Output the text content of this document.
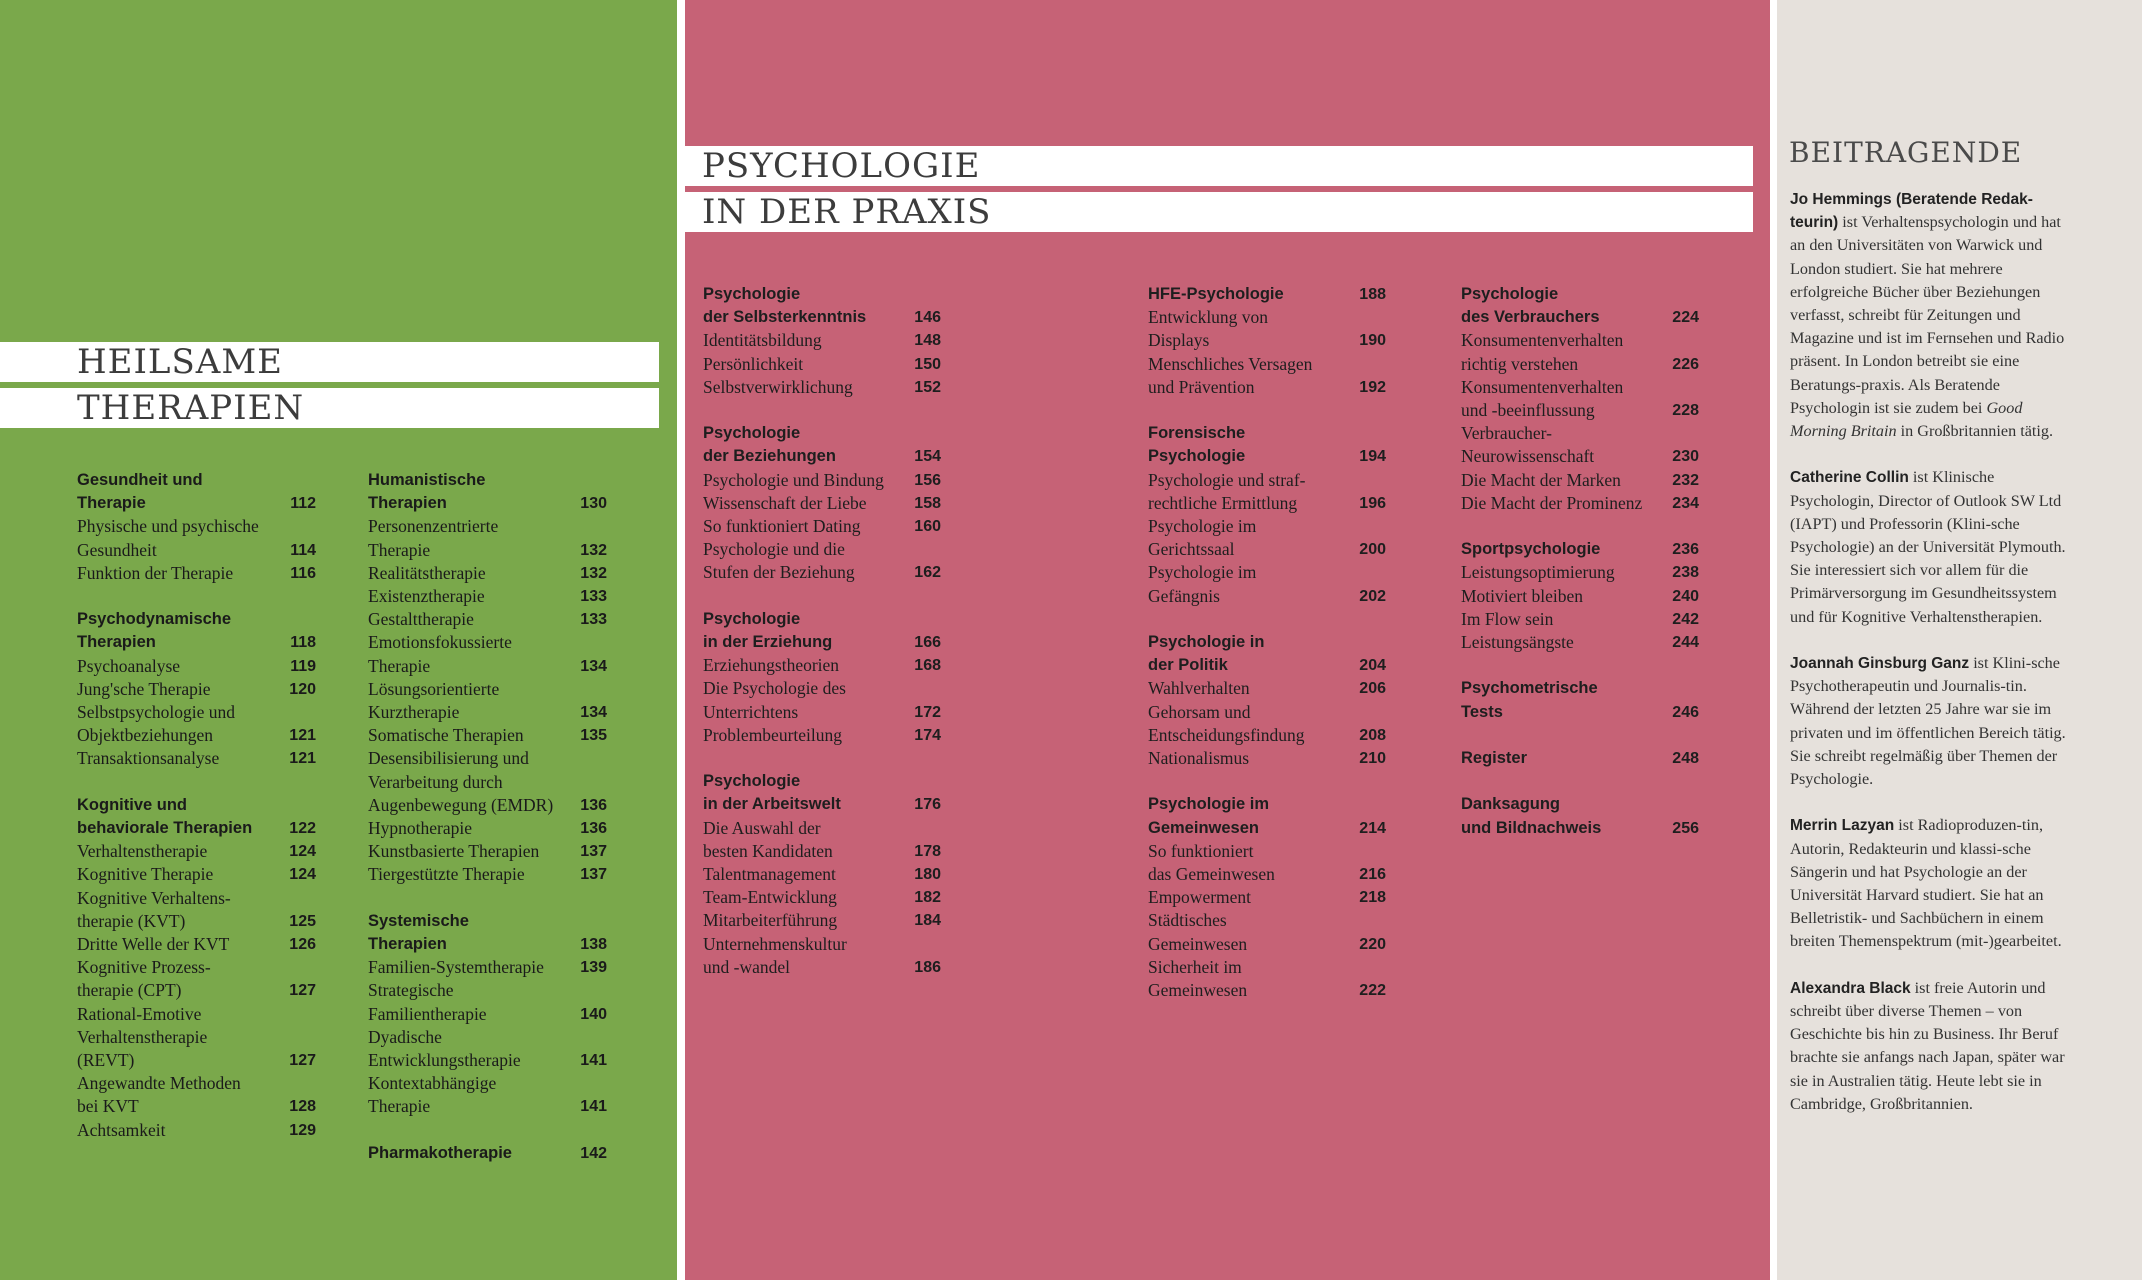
HEILSAME
THERAPIEN
PSYCHOLOGIE
IN DER PRAXIS
Gesundheit und
Therapie	112
Physische und psychische
Gesundheit	114
Funktion der Therapie	116
Psychodynamische
Therapien	118
Psychoanalyse	119
Jung'sche Therapie	120
Selbstpsychologie und
Objektbeziehungen	121
Transaktionsanalyse	121
Kognitive und
behaviorale Therapien	122
Verhaltenstherapie	124
Kognitive Therapie	124
Kognitive Verhaltens-
therapie (KVT)	125
Dritte Welle der KVT	126
Kognitive Prozess-
therapie (CPT)	127
Rational-Emotive
Verhaltenstherapie
(REVT)	127
Angewandte Methoden
bei KVT	128
Achtsamkeit	129
Humanistische
Therapien	130
Personenzentrierte
Therapie	132
Realitätstherapie	132
Existenztherapie	133
Gestalttherapie	133
Emotionsfokussierte
Therapie	134
Lösungsorientierte
Kurztherapie	134
Somatische Therapien	135
Desensibilisierung und
Verarbeitung durch
Augenbewegung (EMDR)	136
Hypnotherapie	136
Kunstbasierte Therapien	137
Tiergestützte Therapie	137
Systemische
Therapien	138
Familien-Systemtherapie	139
Strategische
Familientherapie	140
Dyadische
Entwicklungstherapie	141
Kontextabhängige
Therapie	141
Pharmakotherapie	142
Psychologie
der Selbsterkenntnis	146
Identitätsbildung	148
Persönlichkeit	150
Selbstverwirklichung	152
Psychologie
der Beziehungen	154
Psychologie und Bindung	156
Wissenschaft der Liebe	158
So funktioniert Dating	160
Psychologie und die
Stufen der Beziehung	162
Psychologie
in der Erziehung	166
Erziehungstheorien	168
Die Psychologie des
Unterrichtens	172
Problembeurteilung	174
Psychologie
in der Arbeitswelt	176
Die Auswahl der
besten Kandidaten	178
Talentmanagement	180
Team-Entwicklung	182
Mitarbeiterführung	184
Unternehmenskultur
und -wandel	186
HFE-Psychologie	188
Entwicklung von
Displays	190
Menschliches Versagen
und Prävention	192
Forensische
Psychologie	194
Psychologie und straf-
rechtliche Ermittlung	196
Psychologie im
Gerichtssaal	200
Psychologie im
Gefängnis	202
Psychologie in
der Politik	204
Wahlverhalten	206
Gehorsam und
Entscheidungsfindung	208
Nationalismus	210
Psychologie im
Gemeinwesen	214
So funktioniert
das Gemeinwesen	216
Empowerment	218
Städtisches
Gemeinwesen	220
Sicherheit im
Gemeinwesen	222
Psychologie
des Verbrauchers	224
Konsumentenverhalten
richtig verstehen	226
Konsumentenverhalten
und -beeinflussung	228
Verbraucher-
Neurowissenschaft	230
Die Macht der Marken	232
Die Macht der Prominenz	234
Sportpsychologie	236
Leistungsoptimierung	238
Motiviert bleiben	240
Im Flow sein	242
Leistungsängste	244
Psychometrische
Tests	246
Register	248
Danksagung
und Bildnachweis	256
BEITRAGENDE

Jo Hemmings (Beratende Redak-teurin) ist Verhaltenspsychologin und hat an den Universitäten von Warwick und London studiert. Sie hat mehrere erfolgreiche Bücher über Beziehungen verfasst, schreibt für Zeitungen und Magazine und ist im Fernsehen und Radio präsent. In London betreibt sie eine Beratungs-praxis. Als Beratende Psychologin ist sie zudem bei Good Morning Britain in Großbritannien tätig.

Catherine Collin ist Klinische Psychologin, Director of Outlook SW Ltd (IAPT) und Professorin (Klini-sche Psychologie) an der Universität Plymouth. Sie interessiert sich vor allem für die Primärversorgung im Gesundheitssystem und für Kognitive Verhaltenstherapien.

Joannah Ginsburg Ganz ist Klini-sche Psychotherapeutin und Journalis-tin. Während der letzten 25 Jahre war sie im privaten und im öffentlichen Bereich tätig. Sie schreibt regelmäßig über Themen der Psychologie.

Merrin Lazyan ist Radioproduzen-tin, Autorin, Redakteurin und klassi-sche Sängerin und hat Psychologie an der Universität Harvard studiert. Sie hat an Belletristik- und Sachbüchern in einem breiten Themenspektrum (mit-)gearbeitet.

Alexandra Black ist freie Autorin und schreibt über diverse Themen – von Geschichte bis hin zu Business. Ihr Beruf brachte sie anfangs nach Japan, später war sie in Australien tätig. Heute lebt sie in Cambridge, Großbritannien.
